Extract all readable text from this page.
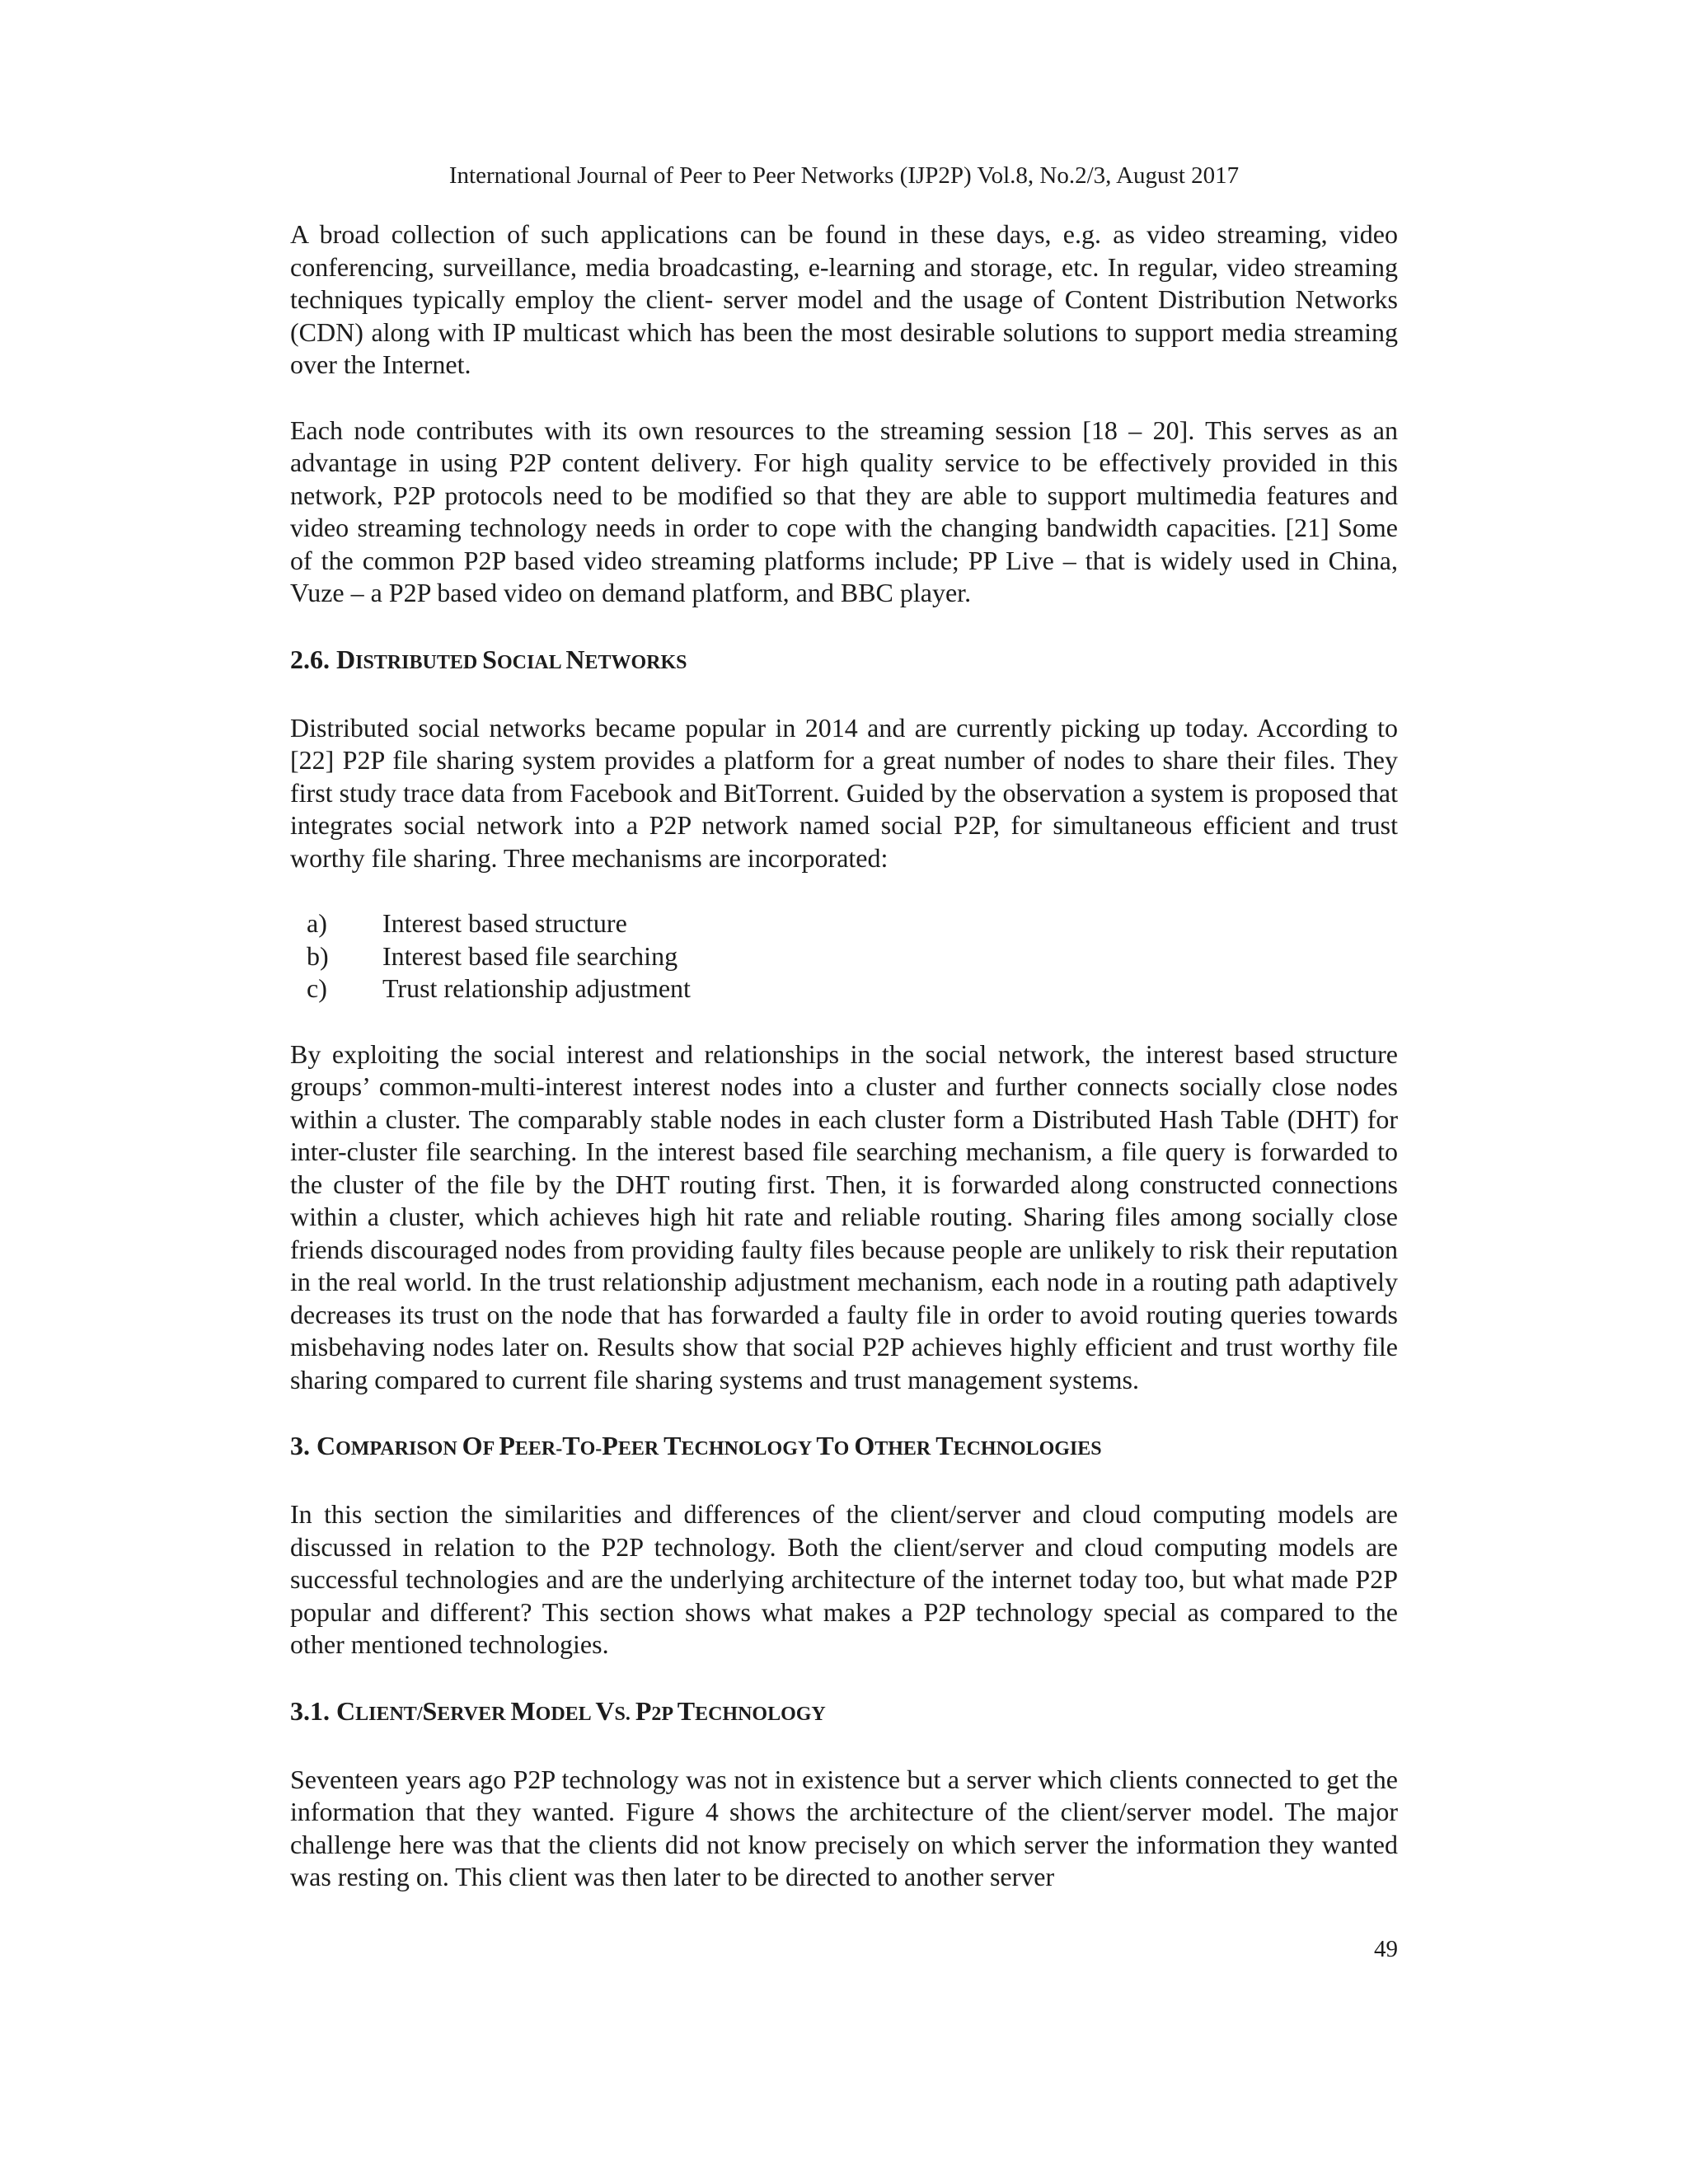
International Journal of Peer to Peer Networks (IJP2P) Vol.8, No.2/3, August 2017

A broad collection of such applications can be found in these days, e.g. as video streaming, video conferencing, surveillance, media broadcasting, e-learning and storage, etc. In regular, video streaming techniques typically employ the client- server model and the usage of Content Distribution Networks (CDN) along with IP multicast which has been the most desirable solutions to support media streaming over the Internet.

Each node contributes with its own resources to the streaming session [18 – 20]. This serves as an advantage in using P2P content delivery. For high quality service to be effectively provided in this network, P2P protocols need to be modified so that they are able to support multimedia features and video streaming technology needs in order to cope with the changing bandwidth capacities. [21] Some of the common P2P based video streaming platforms include; PP Live – that is widely used in China, Vuze – a P2P based video on demand platform, and BBC player.

2.6. DISTRIBUTED SOCIAL NETWORKS

Distributed social networks became popular in 2014 and are currently picking up today. According to [22] P2P file sharing system provides a platform for a great number of nodes to share their files. They first study trace data from Facebook and BitTorrent. Guided by the observation a system is proposed that integrates social network into a P2P network named social P2P, for simultaneous efficient and trust worthy file sharing. Three mechanisms are incorporated:

a) Interest based structure
b) Interest based file searching
c) Trust relationship adjustment

By exploiting the social interest and relationships in the social network, the interest based structure groups’ common-multi-interest interest nodes into a cluster and further connects socially close nodes within a cluster. The comparably stable nodes in each cluster form a Distributed Hash Table (DHT) for inter-cluster file searching. In the interest based file searching mechanism, a file query is forwarded to the cluster of the file by the DHT routing first. Then, it is forwarded along constructed connections within a cluster, which achieves high hit rate and reliable routing. Sharing files among socially close friends discouraged nodes from providing faulty files because people are unlikely to risk their reputation in the real world. In the trust relationship adjustment mechanism, each node in a routing path adaptively decreases its trust on the node that has forwarded a faulty file in order to avoid routing queries towards misbehaving nodes later on. Results show that social P2P achieves highly efficient and trust worthy file sharing compared to current file sharing systems and trust management systems.

3. COMPARISON OF PEER-TO-PEER TECHNOLOGY TO OTHER TECHNOLOGIES

In this section the similarities and differences of the client/server and cloud computing models are discussed in relation to the P2P technology. Both the client/server and cloud computing models are successful technologies and are the underlying architecture of the internet today too, but what made P2P popular and different? This section shows what makes a P2P technology special as compared to the other mentioned technologies.

3.1. CLIENT/SERVER MODEL VS. P2P TECHNOLOGY

Seventeen years ago P2P technology was not in existence but a server which clients connected to get the information that they wanted. Figure 4 shows the architecture of the client/server model. The major challenge here was that the clients did not know precisely on which server the information they wanted was resting on. This client was then later to be directed to another server

49
